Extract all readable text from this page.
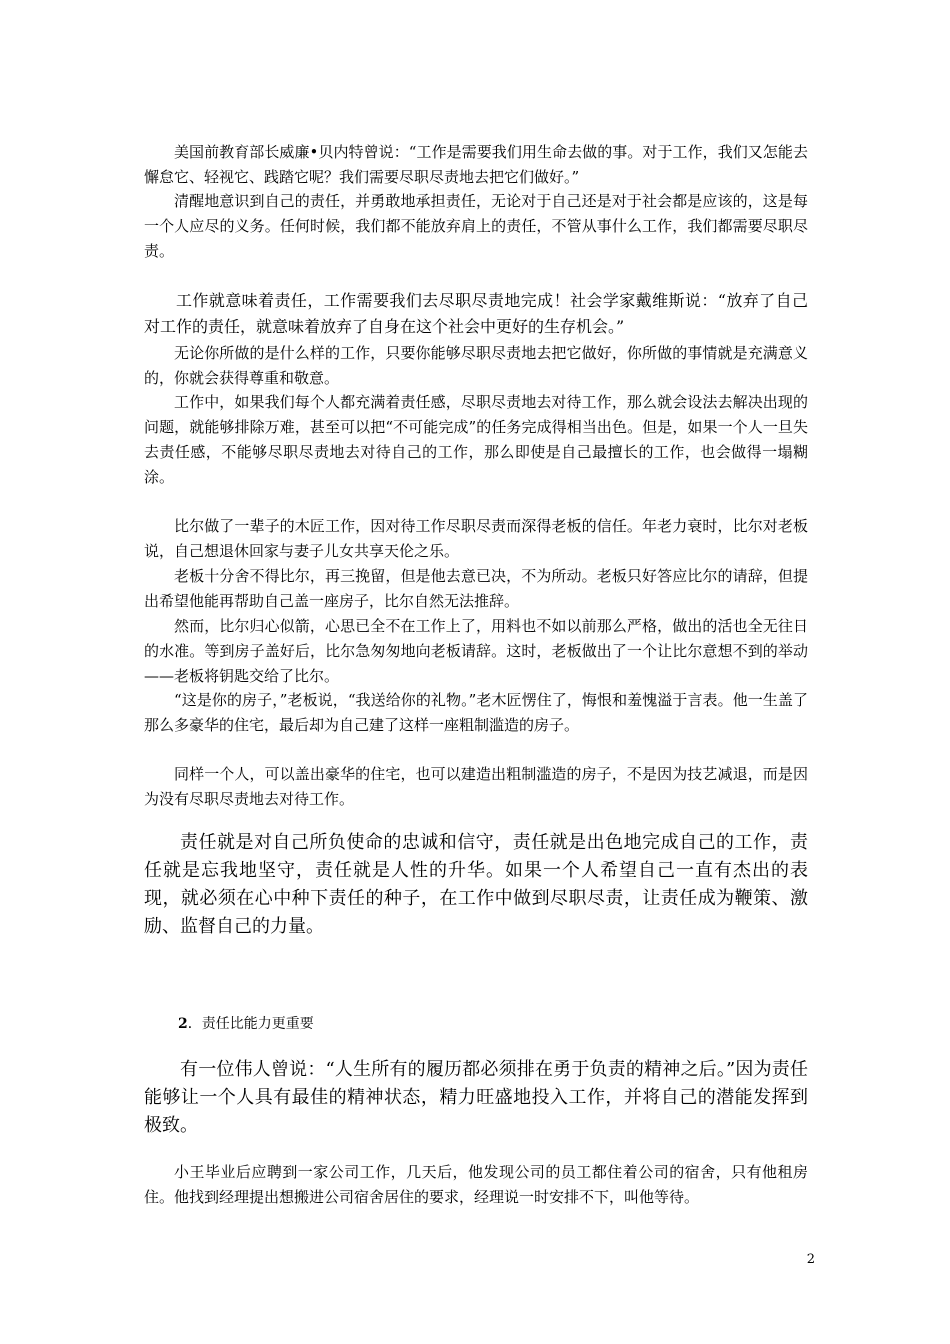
美国前教育部长威廉•贝内特曾说：“工作是需要我们用生命去做的事。对于工作，我们又怎能去懈怠它、轻视它、践踏它呢？我们需要尽职尽责地去把它们做好。”

清醒地意识到自己的责任，并勇敢地承担责任，无论对于自己还是对于社会都是应该的，这是每一个人应尽的义务。任何时候，我们都不能放弃肩上的责任，不管从事什么工作，我们都需要尽职尽责。

工作就意味着责任，工作需要我们去尽职尽责地完成！社会学家戴维斯说：“放弃了自己对工作的责任，就意味着放弃了自身在这个社会中更好的生存机会。”

无论你所做的是什么样的工作，只要你能够尽职尽责地去把它做好，你所做的事情就是充满意义的，你就会获得尊重和敬意。

工作中，如果我们每个人都充满着责任感，尽职尽责地去对待工作，那么就会设法去解决出现的问题，就能够排除万难，甚至可以把“不可能完成”的任务完成得相当出色。但是，如果一个人一旦失去责任感，不能够尽职尽责地去对待自己的工作，那么即使是自己最擅长的工作，也会做得一塌糊涂。

比尔做了一辈子的木匠工作，因对待工作尽职尽责而深得老板的信任。年老力衰时，比尔对老板说，自己想退休回家与妻子儿女共享天伦之乐。

老板十分舍不得比尔，再三挽留，但是他去意已决，不为所动。老板只好答应比尔的请辞，但提出希望他能再帮助自己盖一座房子，比尔自然无法推辞。

然而，比尔归心似箭，心思已全不在工作上了，用料也不如以前那么严格，做出的活也全无往日的水准。等到房子盖好后，比尔急匆匆地向老板请辞。这时，老板做出了一个让比尔意想不到的举动——老板将钥匙交给了比尔。

“这是你的房子，”老板说，“我送给你的礼物。”老木匠愣住了，悔恨和羞愧溢于言表。他一生盖了那么多豪华的住宅，最后却为自己建了这样一座粗制滥造的房子。

同样一个人，可以盖出豪华的住宅，也可以建造出粗制滥造的房子，不是因为技艺减退，而是因为没有尽职尽责地去对待工作。

责任就是对自己所负使命的忠诚和信守，责任就是出色地完成自己的工作，责任就是忘我地坚守，责任就是人性的升华。如果一个人希望自己一直有杰出的表现，就必须在心中种下责任的种子，在工作中做到尽职尽责，让责任成为鞭策、激励、监督自己的力量。

2．责任比能力更重要

有一位伟人曾说：“人生所有的履历都必须排在勇于负责的精神之后。”因为责任能够让一个人具有最佳的精神状态，精力旺盛地投入工作，并将自己的潜能发挥到极致。

小王毕业后应聘到一家公司工作，几天后，他发现公司的员工都住着公司的宿舍，只有他租房住。他找到经理提出想搬进公司宿舍居住的要求，经理说一时安排不下，叫他等待。

2
